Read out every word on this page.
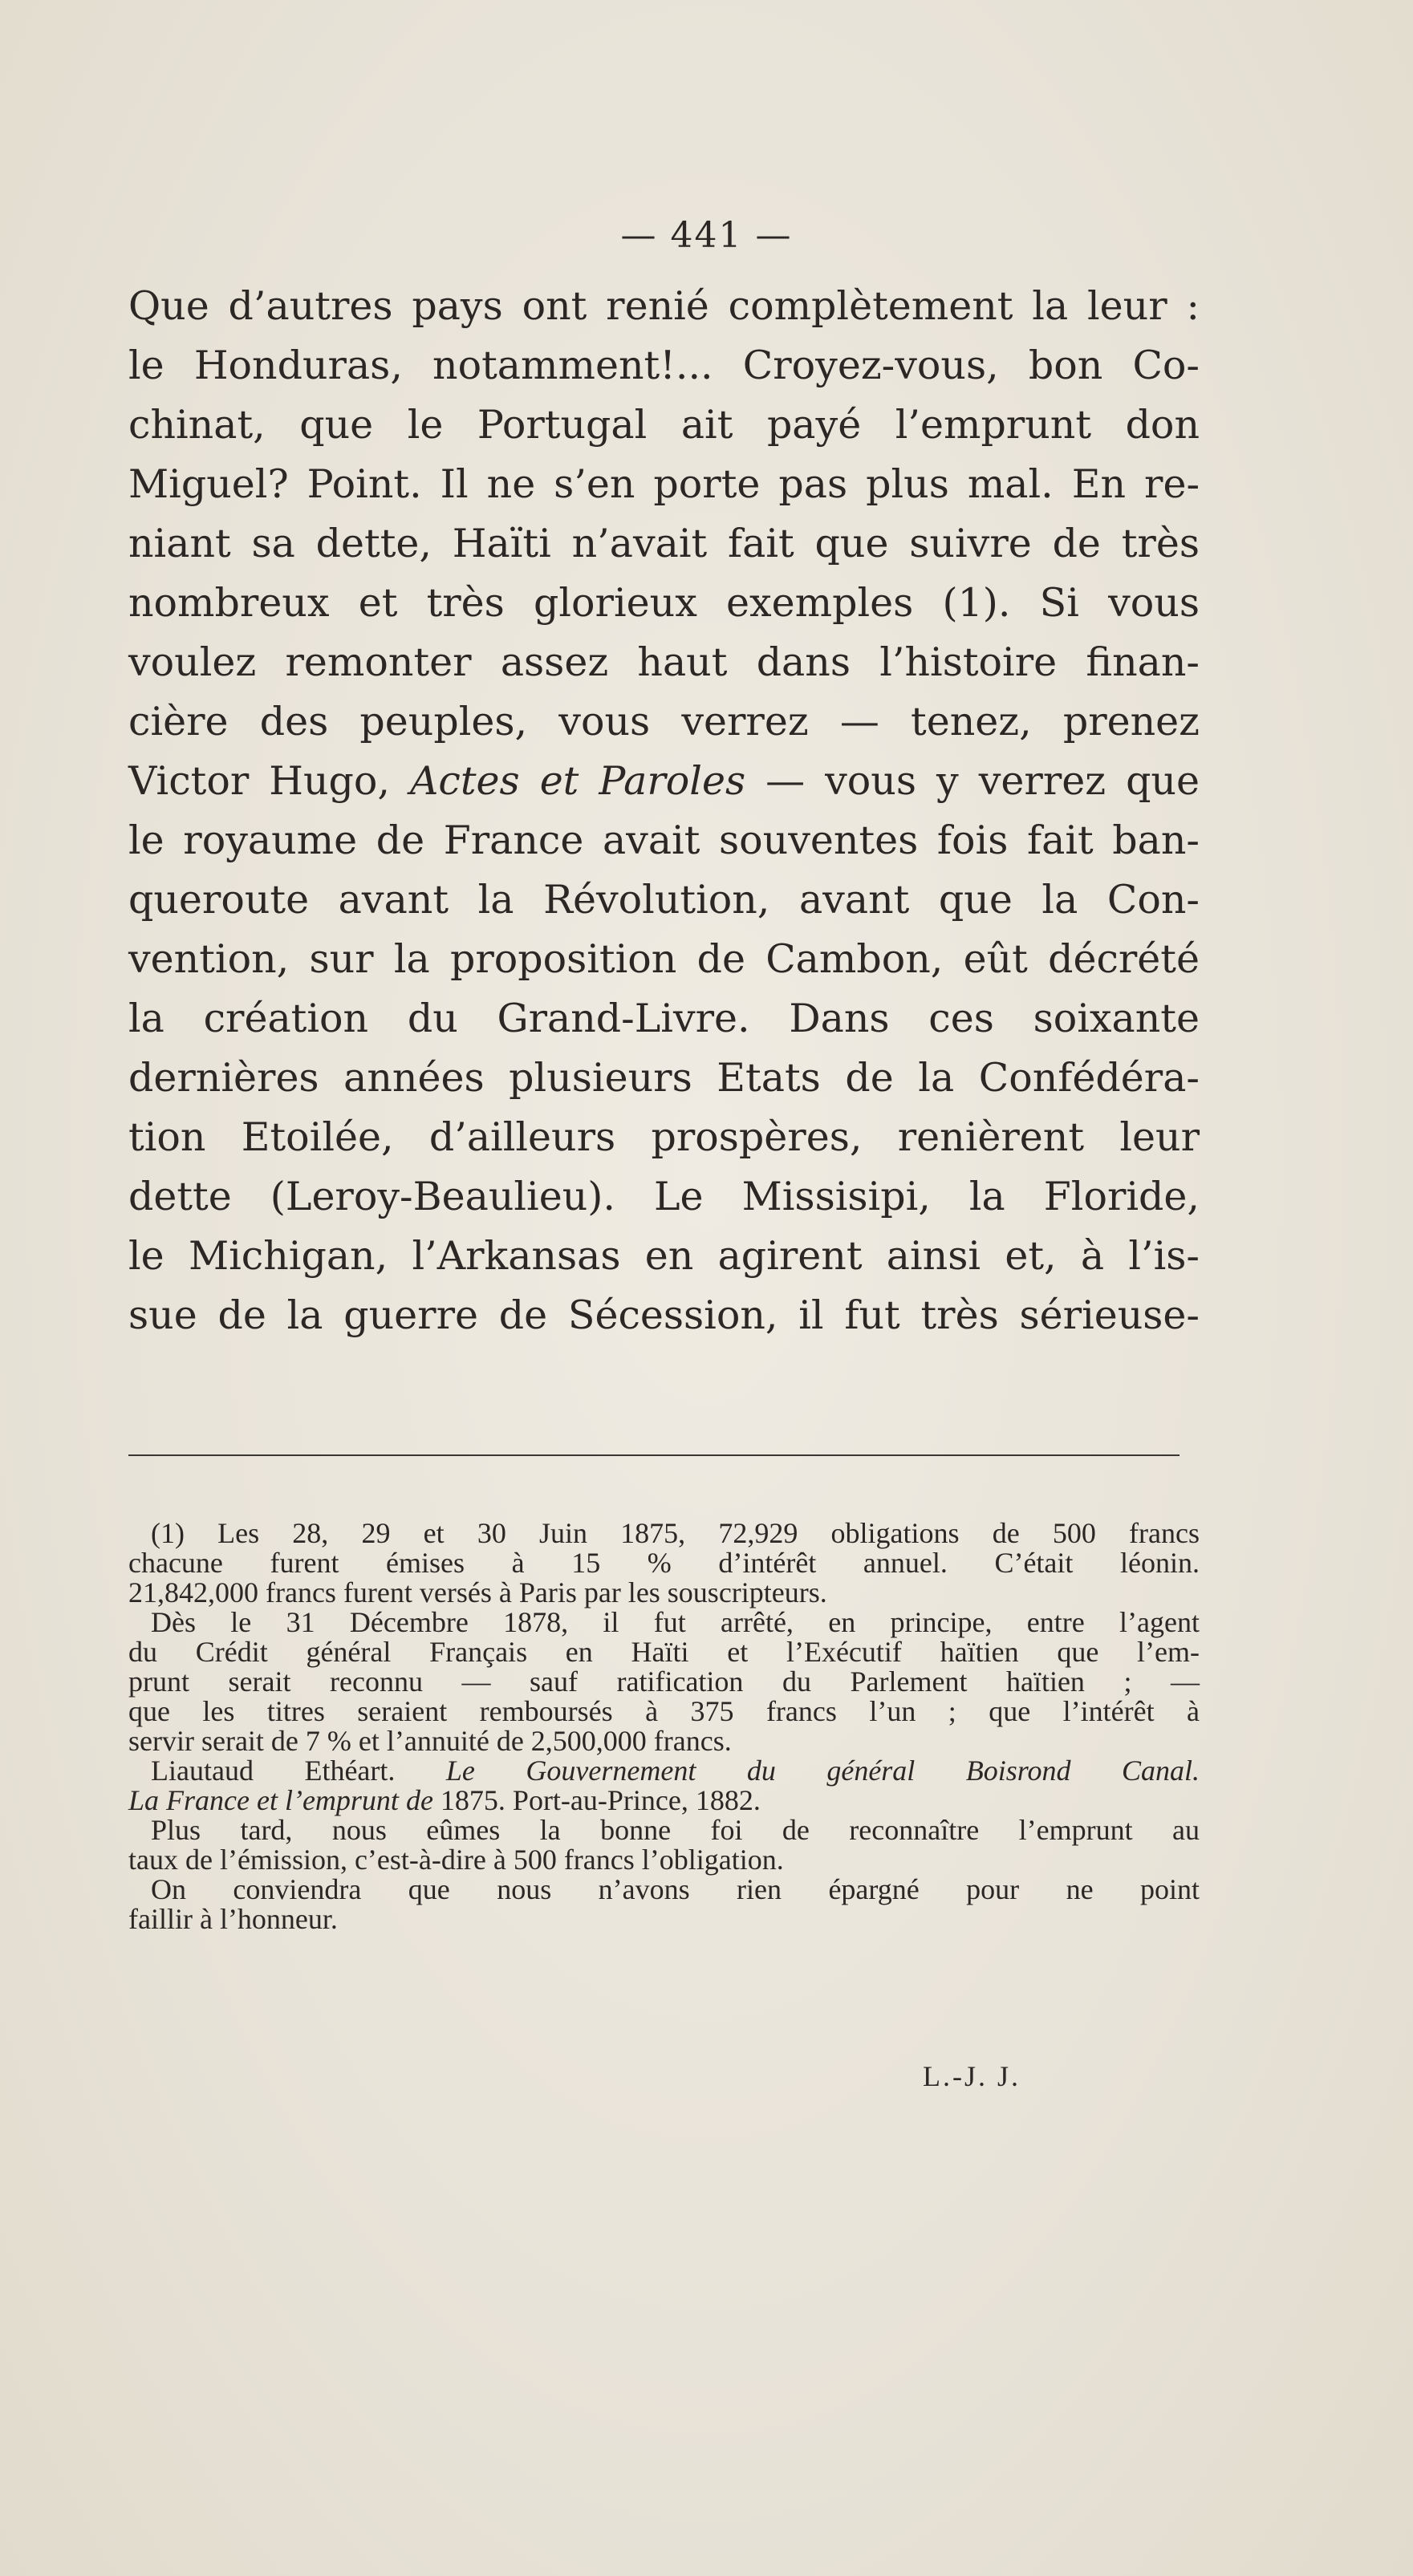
— 441 —
Que d’autres pays ont renié complètement la leur :
le Honduras, notamment!... Croyez-vous, bon Co-
chinat, que le Portugal ait payé l’emprunt don
Miguel? Point. Il ne s’en porte pas plus mal. En re-
niant sa dette, Haïti n’avait fait que suivre de très
nombreux et très glorieux exemples (1). Si vous
voulez remonter assez haut dans l’histoire finan-
cière des peuples, vous verrez — tenez, prenez
Victor Hugo, Actes et Paroles — vous y verrez que
le royaume de France avait souventes fois fait ban-
queroute avant la Révolution, avant que la Con-
vention, sur la proposition de Cambon, eût décrété
la création du Grand-Livre. Dans ces soixante
dernières années plusieurs Etats de la Confédéra-
tion Etoilée, d’ailleurs prospères, renièrent leur
dette (Leroy-Beaulieu). Le Missisipi, la Floride,
le Michigan, l’Arkansas en agirent ainsi et, à l’is-
sue de la guerre de Sécession, il fut très sérieuse-
(1) Les 28, 29 et 30 Juin 1875, 72,929 obligations de 500 francs
chacune furent émises à 15 % d’intérêt annuel. C’était léonin.
21,842,000 francs furent versés à Paris par les souscripteurs.
Dès le 31 Décembre 1878, il fut arrêté, en principe, entre l’agent
du Crédit général Français en Haïti et l’Exécutif haïtien que l’em-
prunt serait reconnu — sauf ratification du Parlement haïtien ; —
que les titres seraient remboursés à 375 francs l’un ; que l’intérêt à
servir serait de 7 % et l’annuité de 2,500,000 francs.
Liautaud Ethéart. Le Gouvernement du général Boisrond Canal.
La France et l’emprunt de 1875. Port-au-Prince, 1882.
Plus tard, nous eûmes la bonne foi de reconnaître l’emprunt au
taux de l’émission, c’est-à-dire à 500 francs l’obligation.
On conviendra que nous n’avons rien épargné pour ne point
faillir à l’honneur.
L.-J. J.
